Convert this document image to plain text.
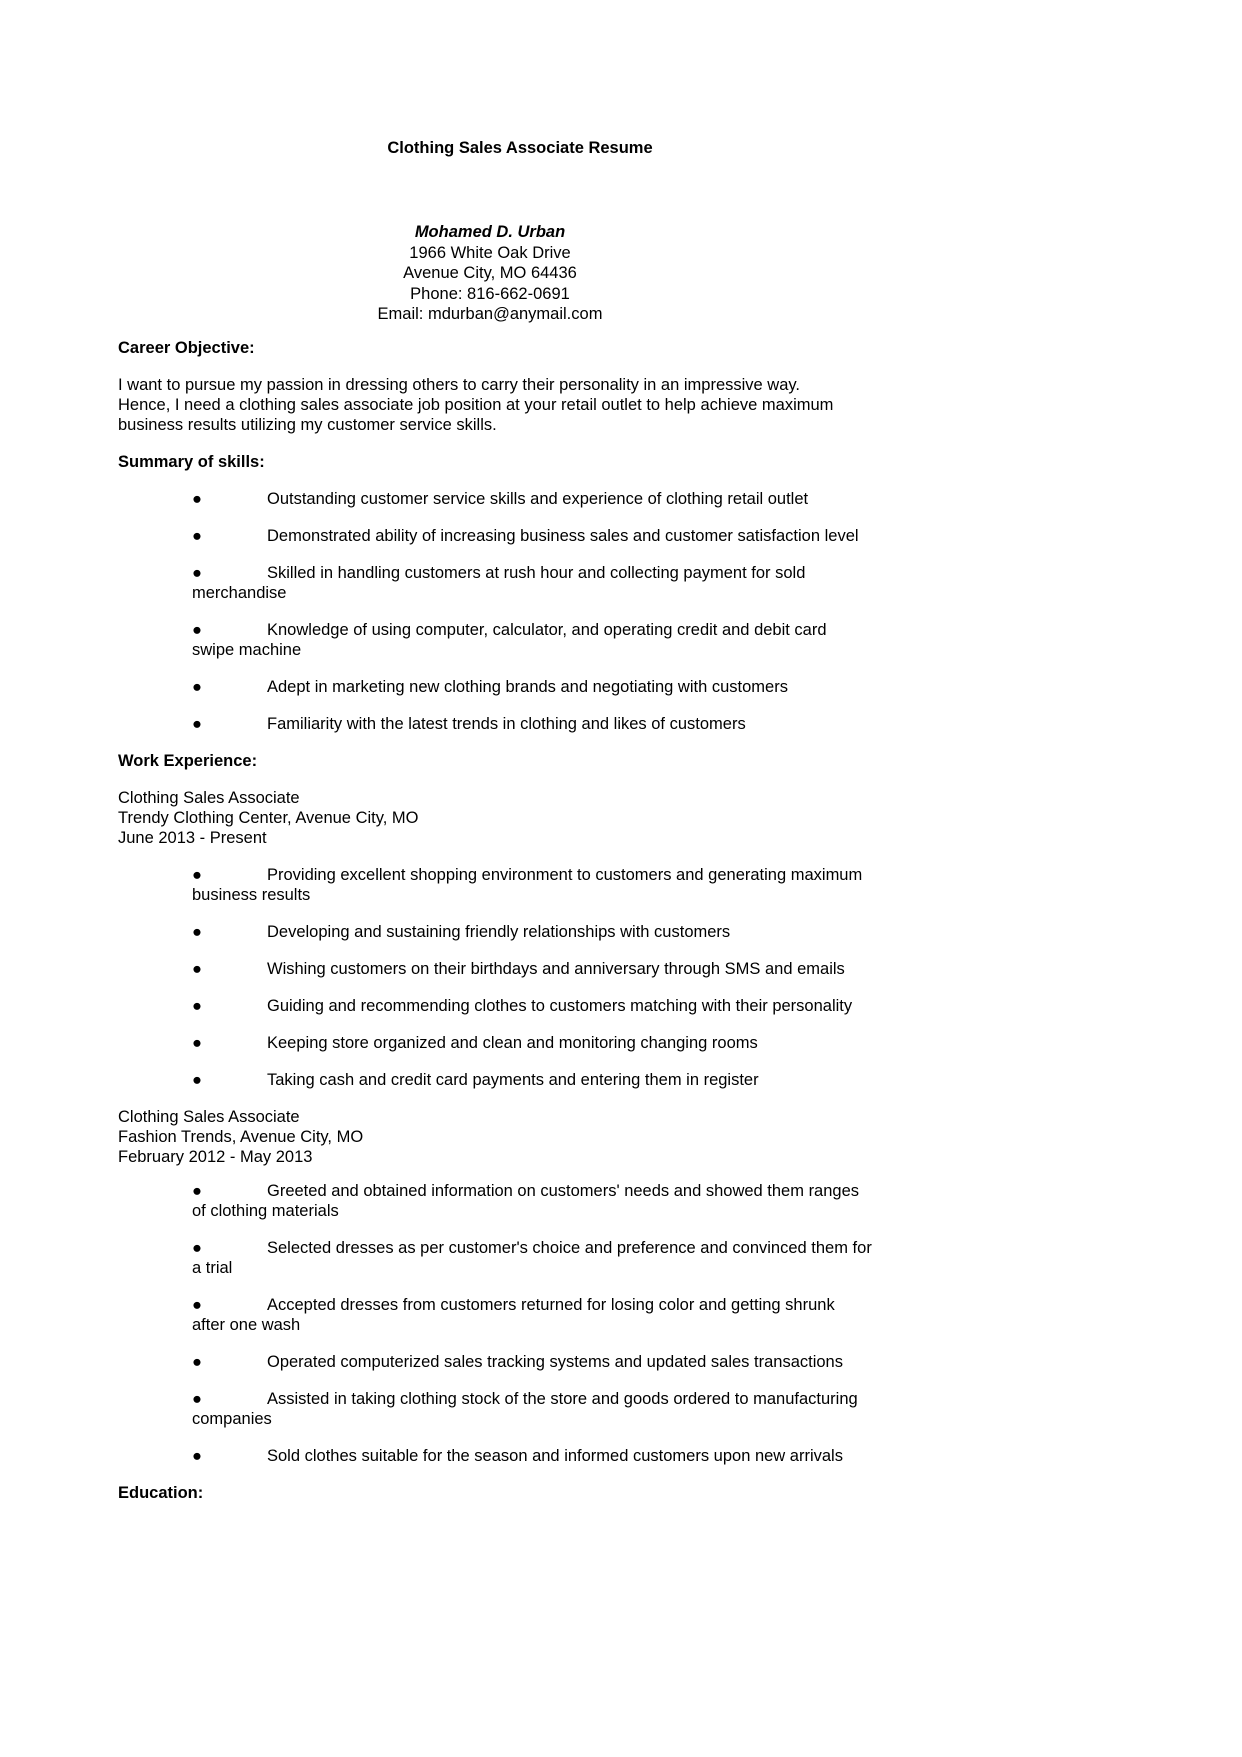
Clothing Sales Associate Resume
Mohamed D. Urban
1966 White Oak Drive
Avenue City, MO 64436
Phone: 816-662-0691
Email: mdurban@anymail.com
Career Objective:

I want to pursue my passion in dressing others to carry their personality in an impressive way.
Hence, I need a clothing sales associate job position at your retail outlet to help achieve maximum
business results utilizing my customer service skills.

Summary of skills:
●	Outstanding customer service skills and experience of clothing retail outlet
●	Demonstrated ability of increasing business sales and customer satisfaction level
●	Skilled in handling customers at rush hour and collecting payment for sold merchandise
●	Knowledge of using computer, calculator, and operating credit and debit card swipe machine
●	Adept in marketing new clothing brands and negotiating with customers
●	Familiarity with the latest trends in clothing and likes of customers
Work Experience:
Clothing Sales Associate
Trendy Clothing Center, Avenue City, MO
June 2013 - Present
●	Providing excellent shopping environment to customers and generating maximum business results
●	Developing and sustaining friendly relationships with customers
●	Wishing customers on their birthdays and anniversary through SMS and emails
●	Guiding and recommending clothes to customers matching with their personality
●	Keeping store organized and clean and monitoring changing rooms
●	Taking cash and credit card payments and entering them in register
Clothing Sales Associate
Fashion Trends, Avenue City, MO
February 2012 - May 2013
●	Greeted and obtained information on customers' needs and showed them ranges of clothing materials
●	Selected dresses as per customer's choice and preference and convinced them for a trial
●	Accepted dresses from customers returned for losing color and getting shrunk after one wash
●	Operated computerized sales tracking systems and updated sales transactions
●	Assisted in taking clothing stock of the store and goods ordered to manufacturing companies
●	Sold clothes suitable for the season and informed customers upon new arrivals
Education:
